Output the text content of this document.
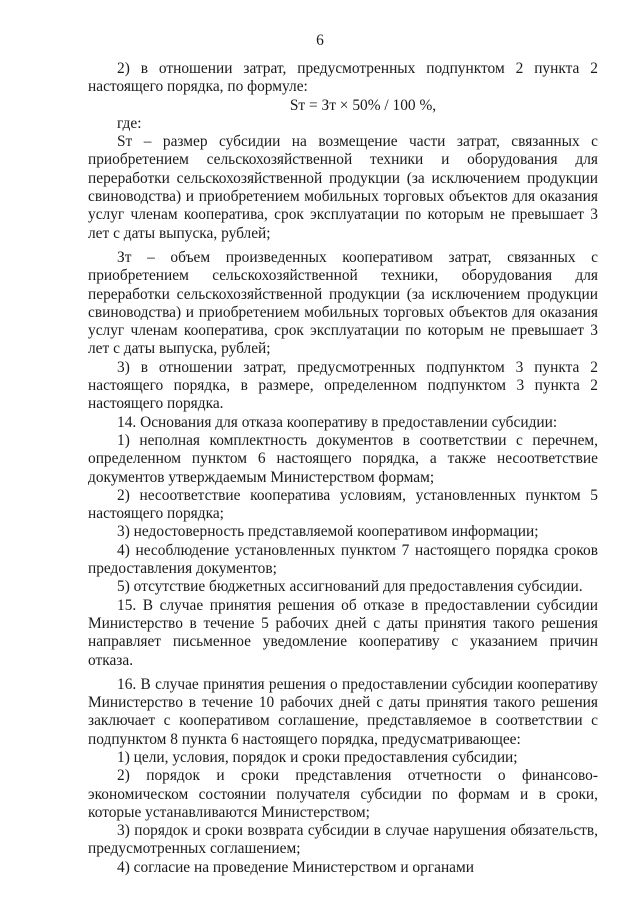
6

2) в отношении затрат, предусмотренных подпунктом 2 пункта 2 настоящего порядка, по формуле:

Sт = Зт × 50% / 100 %,

где:

Sт – размер субсидии на возмещение части затрат, связанных с приобретением сельскохозяйственной техники и оборудования для переработки сельскохозяйственной продукции (за исключением продукции свиноводства) и приобретением мобильных торговых объектов для оказания услуг членам кооператива, срок эксплуатации по которым не превышает 3 лет с даты выпуска, рублей;

Зт – объем произведенных кооперативом затрат, связанных с приобретением сельскохозяйственной техники, оборудования для переработки сельскохозяйственной продукции (за исключением продукции свиноводства) и приобретением мобильных торговых объектов для оказания услуг членам кооператива, срок эксплуатации по которым не превышает 3 лет с даты выпуска, рублей;

3) в отношении затрат, предусмотренных подпунктом 3 пункта 2 настоящего порядка, в размере, определенном подпунктом 3 пункта 2 настоящего порядка.

14. Основания для отказа кооперативу в предоставлении субсидии:

1) неполная комплектность документов в соответствии с перечнем, определенном пунктом 6 настоящего порядка, а также несоответствие документов утверждаемым Министерством формам;

2) несоответствие кооператива условиям, установленных пунктом 5 настоящего порядка;

3) недостоверность представляемой кооперативом информации;

4) несоблюдение установленных пунктом 7 настоящего порядка сроков предоставления документов;

5) отсутствие бюджетных ассигнований для предоставления субсидии.

15. В случае принятия решения об отказе в предоставлении субсидии Министерство в течение 5 рабочих дней с даты принятия такого решения направляет письменное уведомление кооперативу с указанием причин отказа.

16. В случае принятия решения о предоставлении субсидии кооперативу Министерство в течение 10 рабочих дней с даты принятия такого решения заключает с кооперативом соглашение, представляемое в соответствии с подпунктом 8 пункта 6 настоящего порядка, предусматривающее:

1) цели, условия, порядок и сроки предоставления субсидии;

2) порядок и сроки представления отчетности о финансово-экономическом состоянии получателя субсидии по формам и в сроки, которые устанавливаются Министерством;

3) порядок и сроки возврата субсидии в случае нарушения обязательств, предусмотренных соглашением;

4) согласие на проведение Министерством и органами
